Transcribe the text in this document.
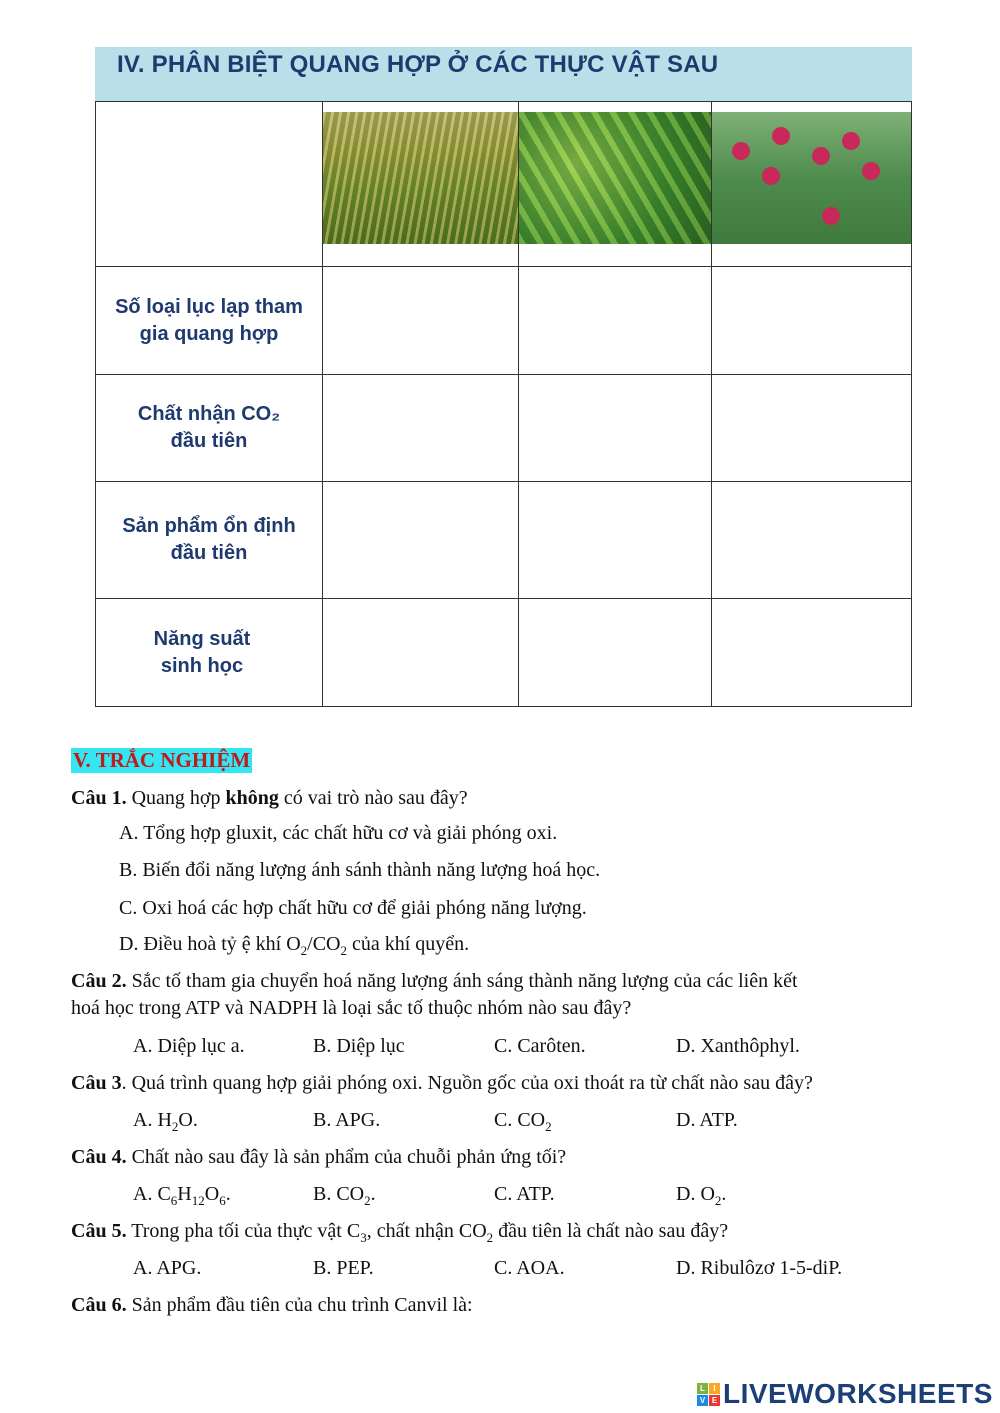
IV. PHÂN BIỆT QUANG HỢP Ở CÁC THỰC VẬT SAU

Số loại lục lạp tham
gia quang hợp			

Chất nhận CO₂
đầu tiên			

Sản phẩm ổn định
đầu tiên			

Năng suất
sinh học			

V. TRẮC NGHIỆM
Câu 1. Quang hợp không có vai trò nào sau đây?
A. Tổng hợp gluxit, các chất hữu cơ và giải phóng oxi.
B. Biến đổi năng lượng ánh sánh thành năng lượng hoá học.
C. Oxi hoá các hợp chất hữu cơ để giải phóng năng lượng.
D. Điều hoà tỷ ệ khí $O_2/CO_2$ của khí quyển.
Câu 2. Sắc tố tham gia chuyển hoá năng lượng ánh sáng thành năng lượng của các liên kết
hoá học trong ATP và NADPH là loại sắc tố thuộc nhóm nào sau đây?
A. Diệp lục a.	B. Diệp lục	C. Carôten.	D. Xanthôphyl.
Câu 3. Quá trình quang hợp giải phóng oxi. Nguồn gốc của oxi thoát ra từ chất nào sau đây?
A. $H_2O$.	B. APG.	C. $CO_2$	D. ATP.
Câu 4. Chất nào sau đây là sản phẩm của chuỗi phản ứng tối?
A. $C_6H_{12}O_6$.	B. $CO_2$.	C. ATP.	D. $O_2$.
Câu 5. Trong pha tối của thực vật $C_3$, chất nhận $CO_2$ đầu tiên là chất nào sau đây?
A. APG.	B. PEP.	C. AOA.	D. Ribulôzơ 1-5-diP.
Câu 6. Sản phẩm đầu tiên của chu trình Canvil là:
L	I
V E LIVEWORKSHEETS
